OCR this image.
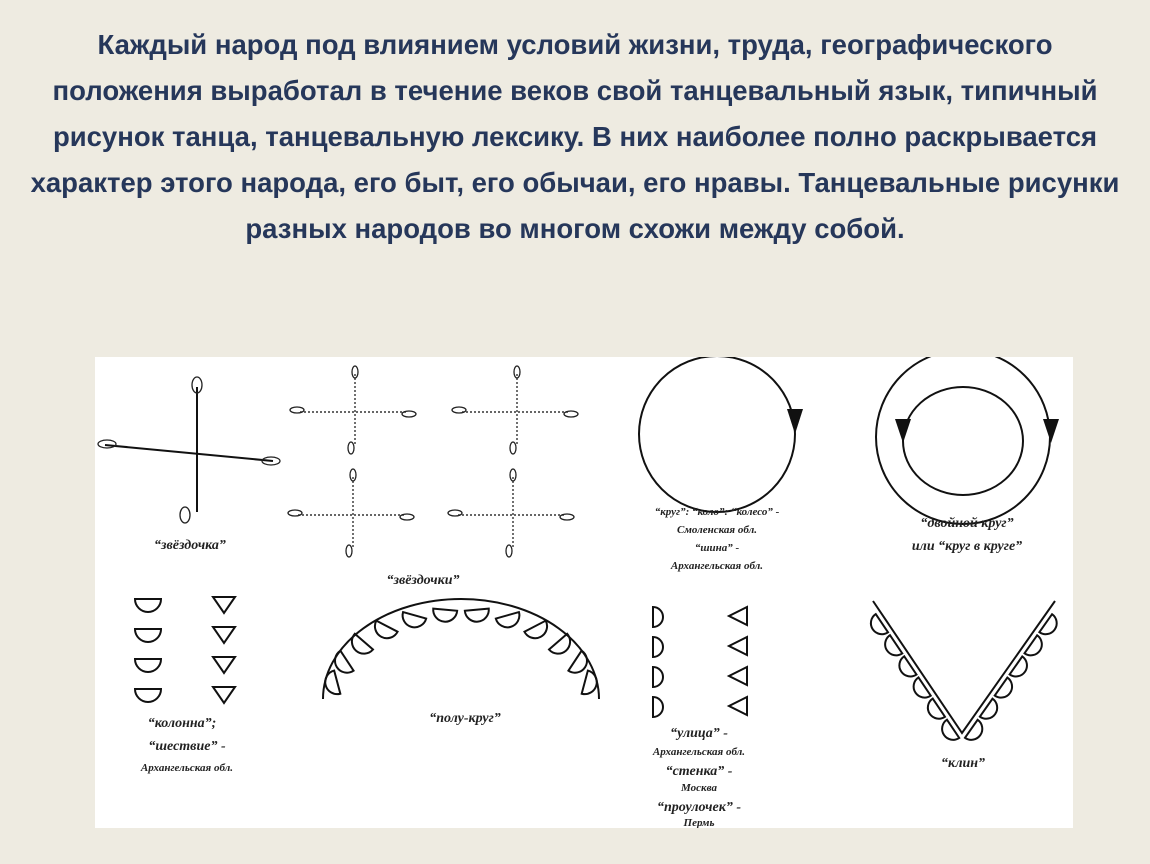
Каждый народ под влиянием условий жизни, труда, географического положения выработал в течение веков свой танцевальный язык, типичный рисунок танца, танцевальную лексику. В них наиболее полно раскрывается характер этого народа, его быт, его обычаи, его нравы. Танцевальные рисунки разных народов во многом схожи между собой.

“звёздочка”
“звёздочки”
“круг”: “коло”: “колесо” -
Смоленская обл.
“шина” -
Архангельская обл.
“двойной круг”
или “круг в круге”
“колонна”;
“шествие” -
Архангельская обл.
“полу-круг”
“улица” -
Архангельская обл.
“стенка” -
Москва
“проулочек” -
Пермь
“клин”
